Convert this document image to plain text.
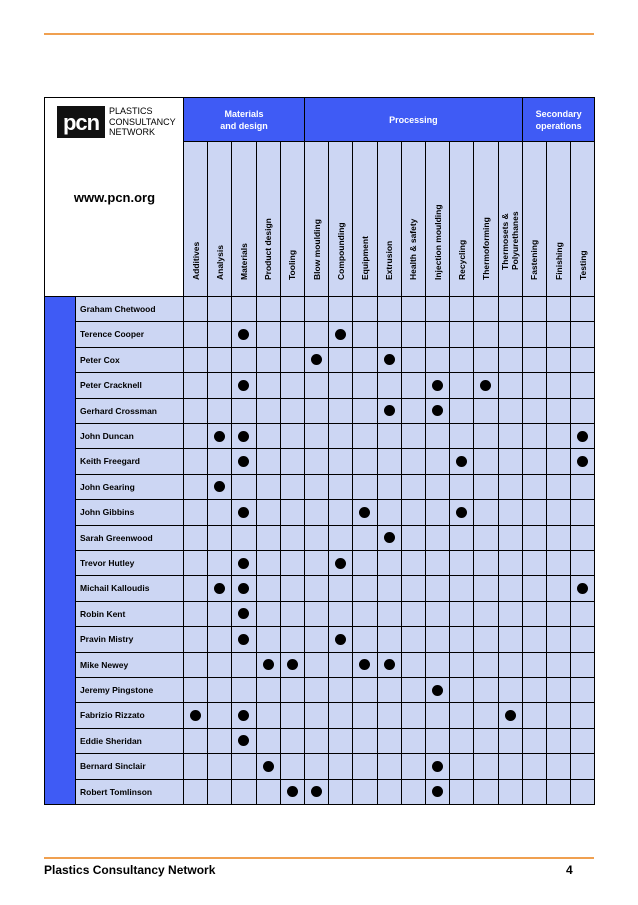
pcn	PLASTICS
CONSULTANCY
NETWORK
www.pcn.org
Materials
and design
Processing
Secondary
operations
Additives Analysis Materials Product design Tooling Blow moulding Compounding Equipment Extrusion Health & safety Injection moulding Recycling Thermoforming Thermosets & Polyurethanes Fastening Finishing Testing
Graham Chetwood
Terence Cooper
Peter Cox
Peter Cracknell
Gerhard Crossman
John Duncan
Keith Freegard
John Gearing
John Gibbins
Sarah Greenwood
Trevor Hutley
Michail Kalloudis
Robin Kent
Pravin Mistry
Mike Newey
Jeremy Pingstone
Fabrizio Rizzato
Eddie Sheridan
Bernard Sinclair
Robert Tomlinson
Plastics Consultancy Network	4
